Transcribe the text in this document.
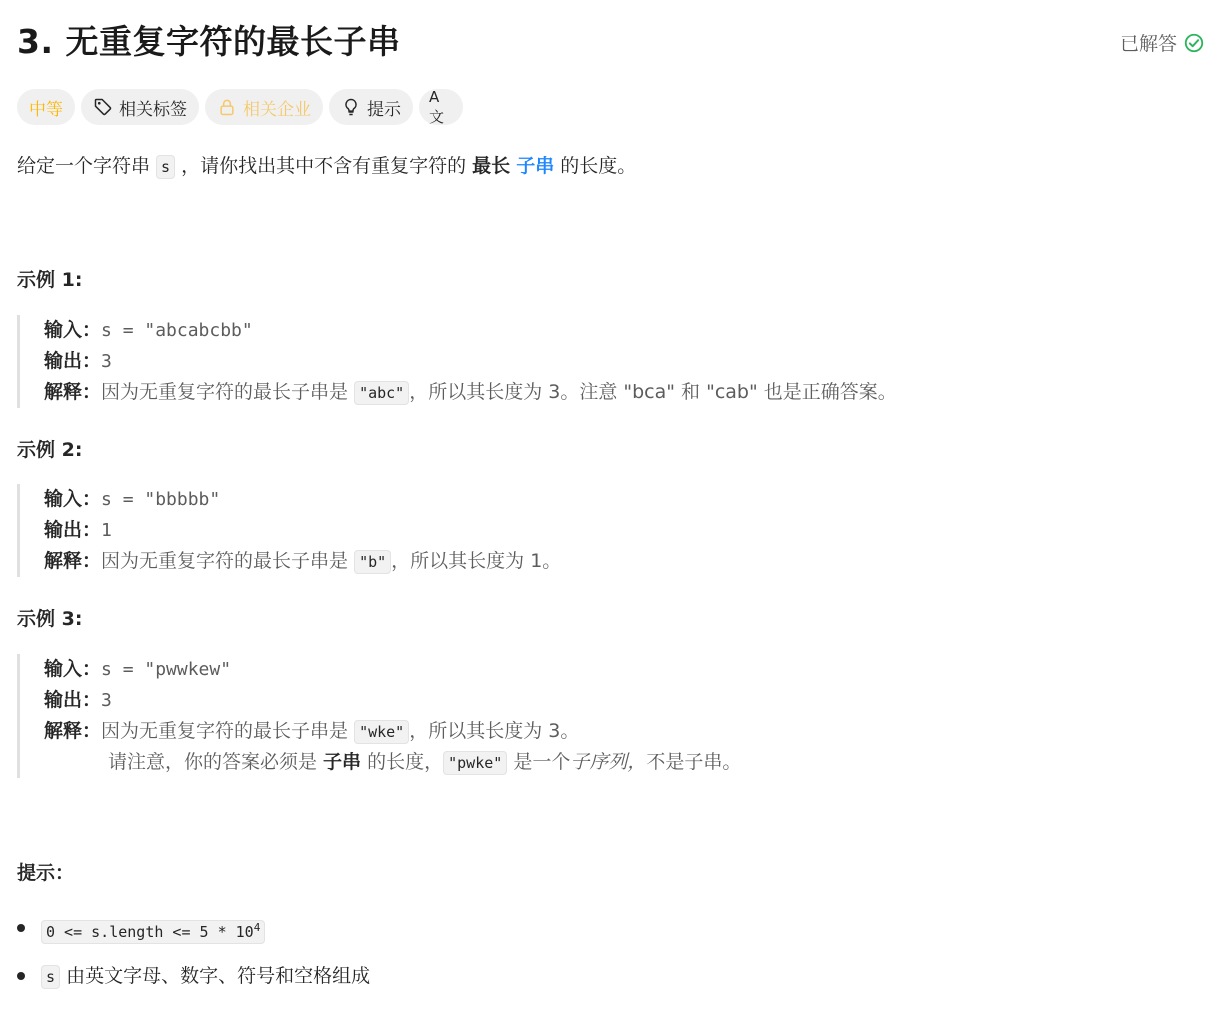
3. 无重复字符的最长子串	已解答
中等	相关标签	相关企业	提示
A文
给定一个字符串 s ，请你找出其中不含有重复字符的 最长 子串 的长度。
示例 1:
输入：s = "abcabcbb"
输出：3
解释：因为无重复字符的最长子串是 "abc" ，所以其长度为 3。注意 "bca" 和 "cab" 也是正确答案。
示例 2:
输入：s = "bbbbb"
输出：1
解释：因为无重复字符的最长子串是 "b" ，所以其长度为 1。
示例 3:
输入：s = "pwwkew"
输出：3
解释：因为无重复字符的最长子串是 "wke" ，所以其长度为 3。
请注意，你的答案必须是 子串 的长度， "pwke" 是一个子序列，不是子串。
提示：
0 <= s.length <= $5 * 10^4$
s 由英文字母、数字、符号和空格组成
